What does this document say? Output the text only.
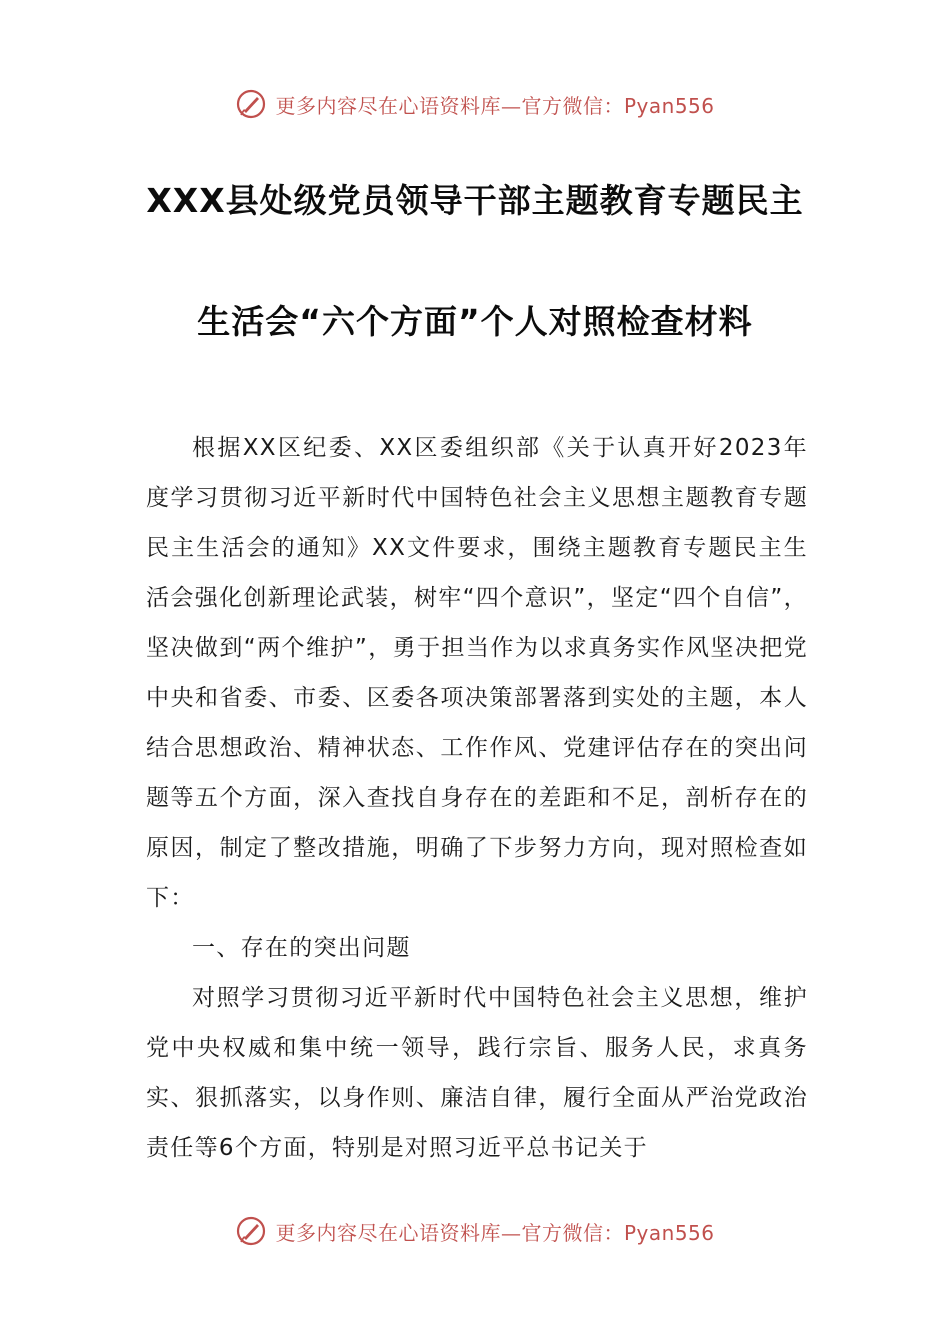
更多内容尽在心语资料库—官方微信：Pyan556
XXX县处级党员领导干部主题教育专题民主
生活会“六个方面”个人对照检查材料

根据XX区纪委、XX区委组织部《关于认真开好2023年度学习贯彻习近平新时代中国特色社会主义思想主题教育专题民主生活会的通知》XX文件要求，围绕主题教育专题民主生活会强化创新理论武装，树牢“四个意识”，坚定“四个自信”，坚决做到“两个维护”，勇于担当作为以求真务实作风坚决把党中央和省委、市委、区委各项决策部署落到实处的主题，本人结合思想政治、精神状态、工作作风、党建评估存在的突出问题等五个方面，深入查找自身存在的差距和不足，剖析存在的原因，制定了整改措施，明确了下步努力方向，现对照检查如下：

一、存在的突出问题

对照学习贯彻习近平新时代中国特色社会主义思想，维护党中央权威和集中统一领导，践行宗旨、服务人民，求真务实、狠抓落实，以身作则、廉洁自律，履行全面从严治党政治责任等6个方面，特别是对照习近平总书记关于

更多内容尽在心语资料库—官方微信：Pyan556
